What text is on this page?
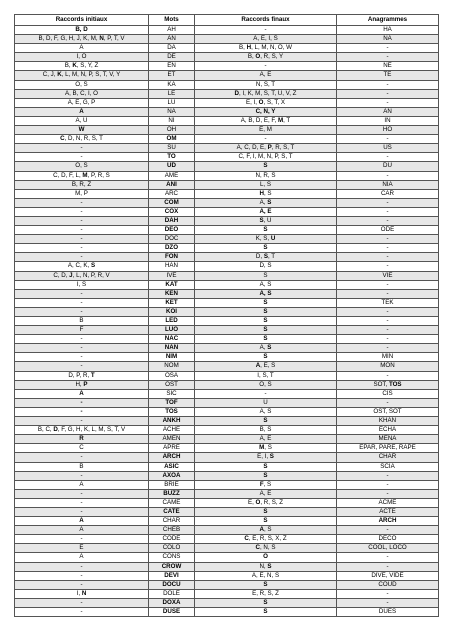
Raccords initiaux	Mots	Raccords finaux	Anagrammes
B, D	AH	-	HA
B, D, F, G, H, J, K, M, N, P, T, V	AN	A, E, I, S	NA
A	DA	B, H, L, M, N, O, W	-
I, O	DE	B, O, R, S, Y	-
B, K, S, Y, Z	EN	-	NE
C, J, K, L, M, N, P, S, T, V, Y	ET	A, E	TE
O, S	KA	N, S, T	-
A, B, C, I, O	LE	D, I, K, M, S, T, U, V, Z	-
A, E, G, P	LU	E, I, O, S, T, X	-
A	NA	C, N, Y	AN
A, U	NI	A, B, D, E, F, M, T	IN
W	OH	E, M	HO
C, D, N, R, S, T	OM	-	-
-	SU	A, C, D, E, P, R, S, T	US
-	TO	C, F, I, M, N, P, S, T	-
O, S	UD	S	DU
C, D, F, L, M, P, R, S	AME	N, R, S	-
B, R, Z	ANI	L, S	NIA
M, P	ARC	H, S	CAR
-	COM	A, S	-
-	COX	A, E	-
-	DAH	S, U	-
-	DEO	S	ODE
-	DOC	K, S, U	-
-	DZO	S	-
-	FON	D, S, T	-
A, C, K, S	HAN	D, S	-
C, D, J, L, N, P, R, V	IVE	S	VIE
I, S	KAT	A, S	-
-	KEN	A, S	-
-	KET	S	TEK
-	KOI	S	-
B	LED	S	-
F	LUO	S	-
-	NAC	S	-
-	NAN	A, S	-
-	NIM	S	MIN
-	NOM	A, E, S	MON
D, P, R, T	OSA	I, S, T	-
H, P	OST	O, S	SOT, TOS
A	SIC	-	CIS
-	TOF	U	-
-	TOS	A, S	OST, SOT
-	ANKH	S	KHAN
B, C, D, F, G, H, K, L, M, S, T, V	ACHE	B, S	ECHA
R	AMEN	A, E	MENA
C	APRE	M, S	EPAR, PARE, RAPE
-	ARCH	E, I, S	CHAR
B	ASIC	S	SCIA
-	AXOA	S	-
A	BRIE	F, S	-
-	BUZZ	A, E	-
-	CAME	E, O, R, S, Z	ACME
-	CATE	S	ACTE
A	CHAR	S	ARCH
A	CHEB	A, S	-
-	CODE	C, E, R, S, X, Z	DECO
E	COLO	C, N, S	COOL, LOCO
A	CONS	O	-
-	CROW	N, S	-
-	DEVI	A, E, N, S	DIVE, VIDE
-	DOCU	S	COUD
I, N	DOLE	E, R, S, Z	-
-	DOXA	S	-
-	DUSE	S	DUES
